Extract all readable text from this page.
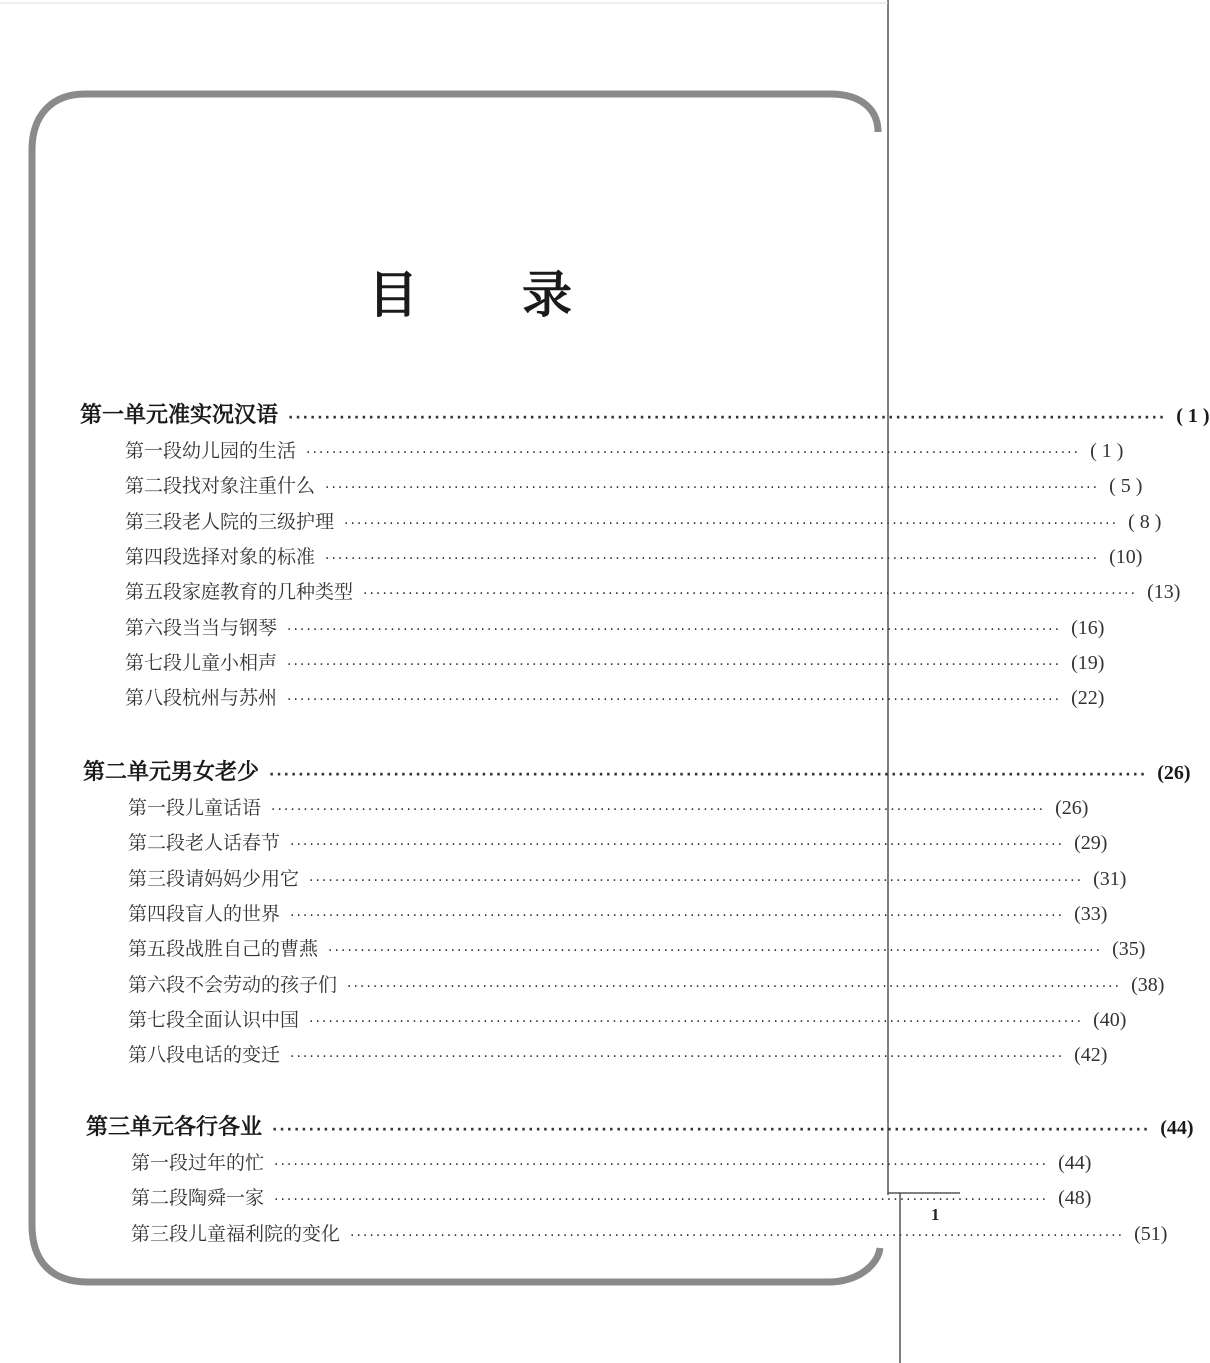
目 录
第一单元 准实况汉语 ························································································································ ( 1 )
第一段 幼儿园的生活 ························································································································ ( 1 )
第二段 找对象注重什么 ························································································································ ( 5 )
第三段 老人院的三级护理 ························································································································ ( 8 )
第四段 选择对象的标准 ························································································································ (10)
第五段 家庭教育的几种类型 ························································································································ (13)
第六段 当当与钢琴 ························································································································ (16)
第七段 儿童小相声 ························································································································ (19)
第八段 杭州与苏州 ························································································································ (22)
第二单元 男女老少 ························································································································ (26)
第一段 儿童话语 ························································································································ (26)
第二段 老人话春节 ························································································································ (29)
第三段 请妈妈少用它 ························································································································ (31)
第四段 盲人的世界 ························································································································ (33)
第五段 战胜自己的曹燕 ························································································································ (35)
第六段 不会劳动的孩子们 ························································································································ (38)
第七段 全面认识中国 ························································································································ (40)
第八段 电话的变迁 ························································································································ (42)
第三单元 各行各业 ························································································································ (44)
第一段 过年的忙 ························································································································ (44)
第二段 陶舜一家 ························································································································ (48)
第三段 儿童福利院的变化 ························································································································ (51)
1
